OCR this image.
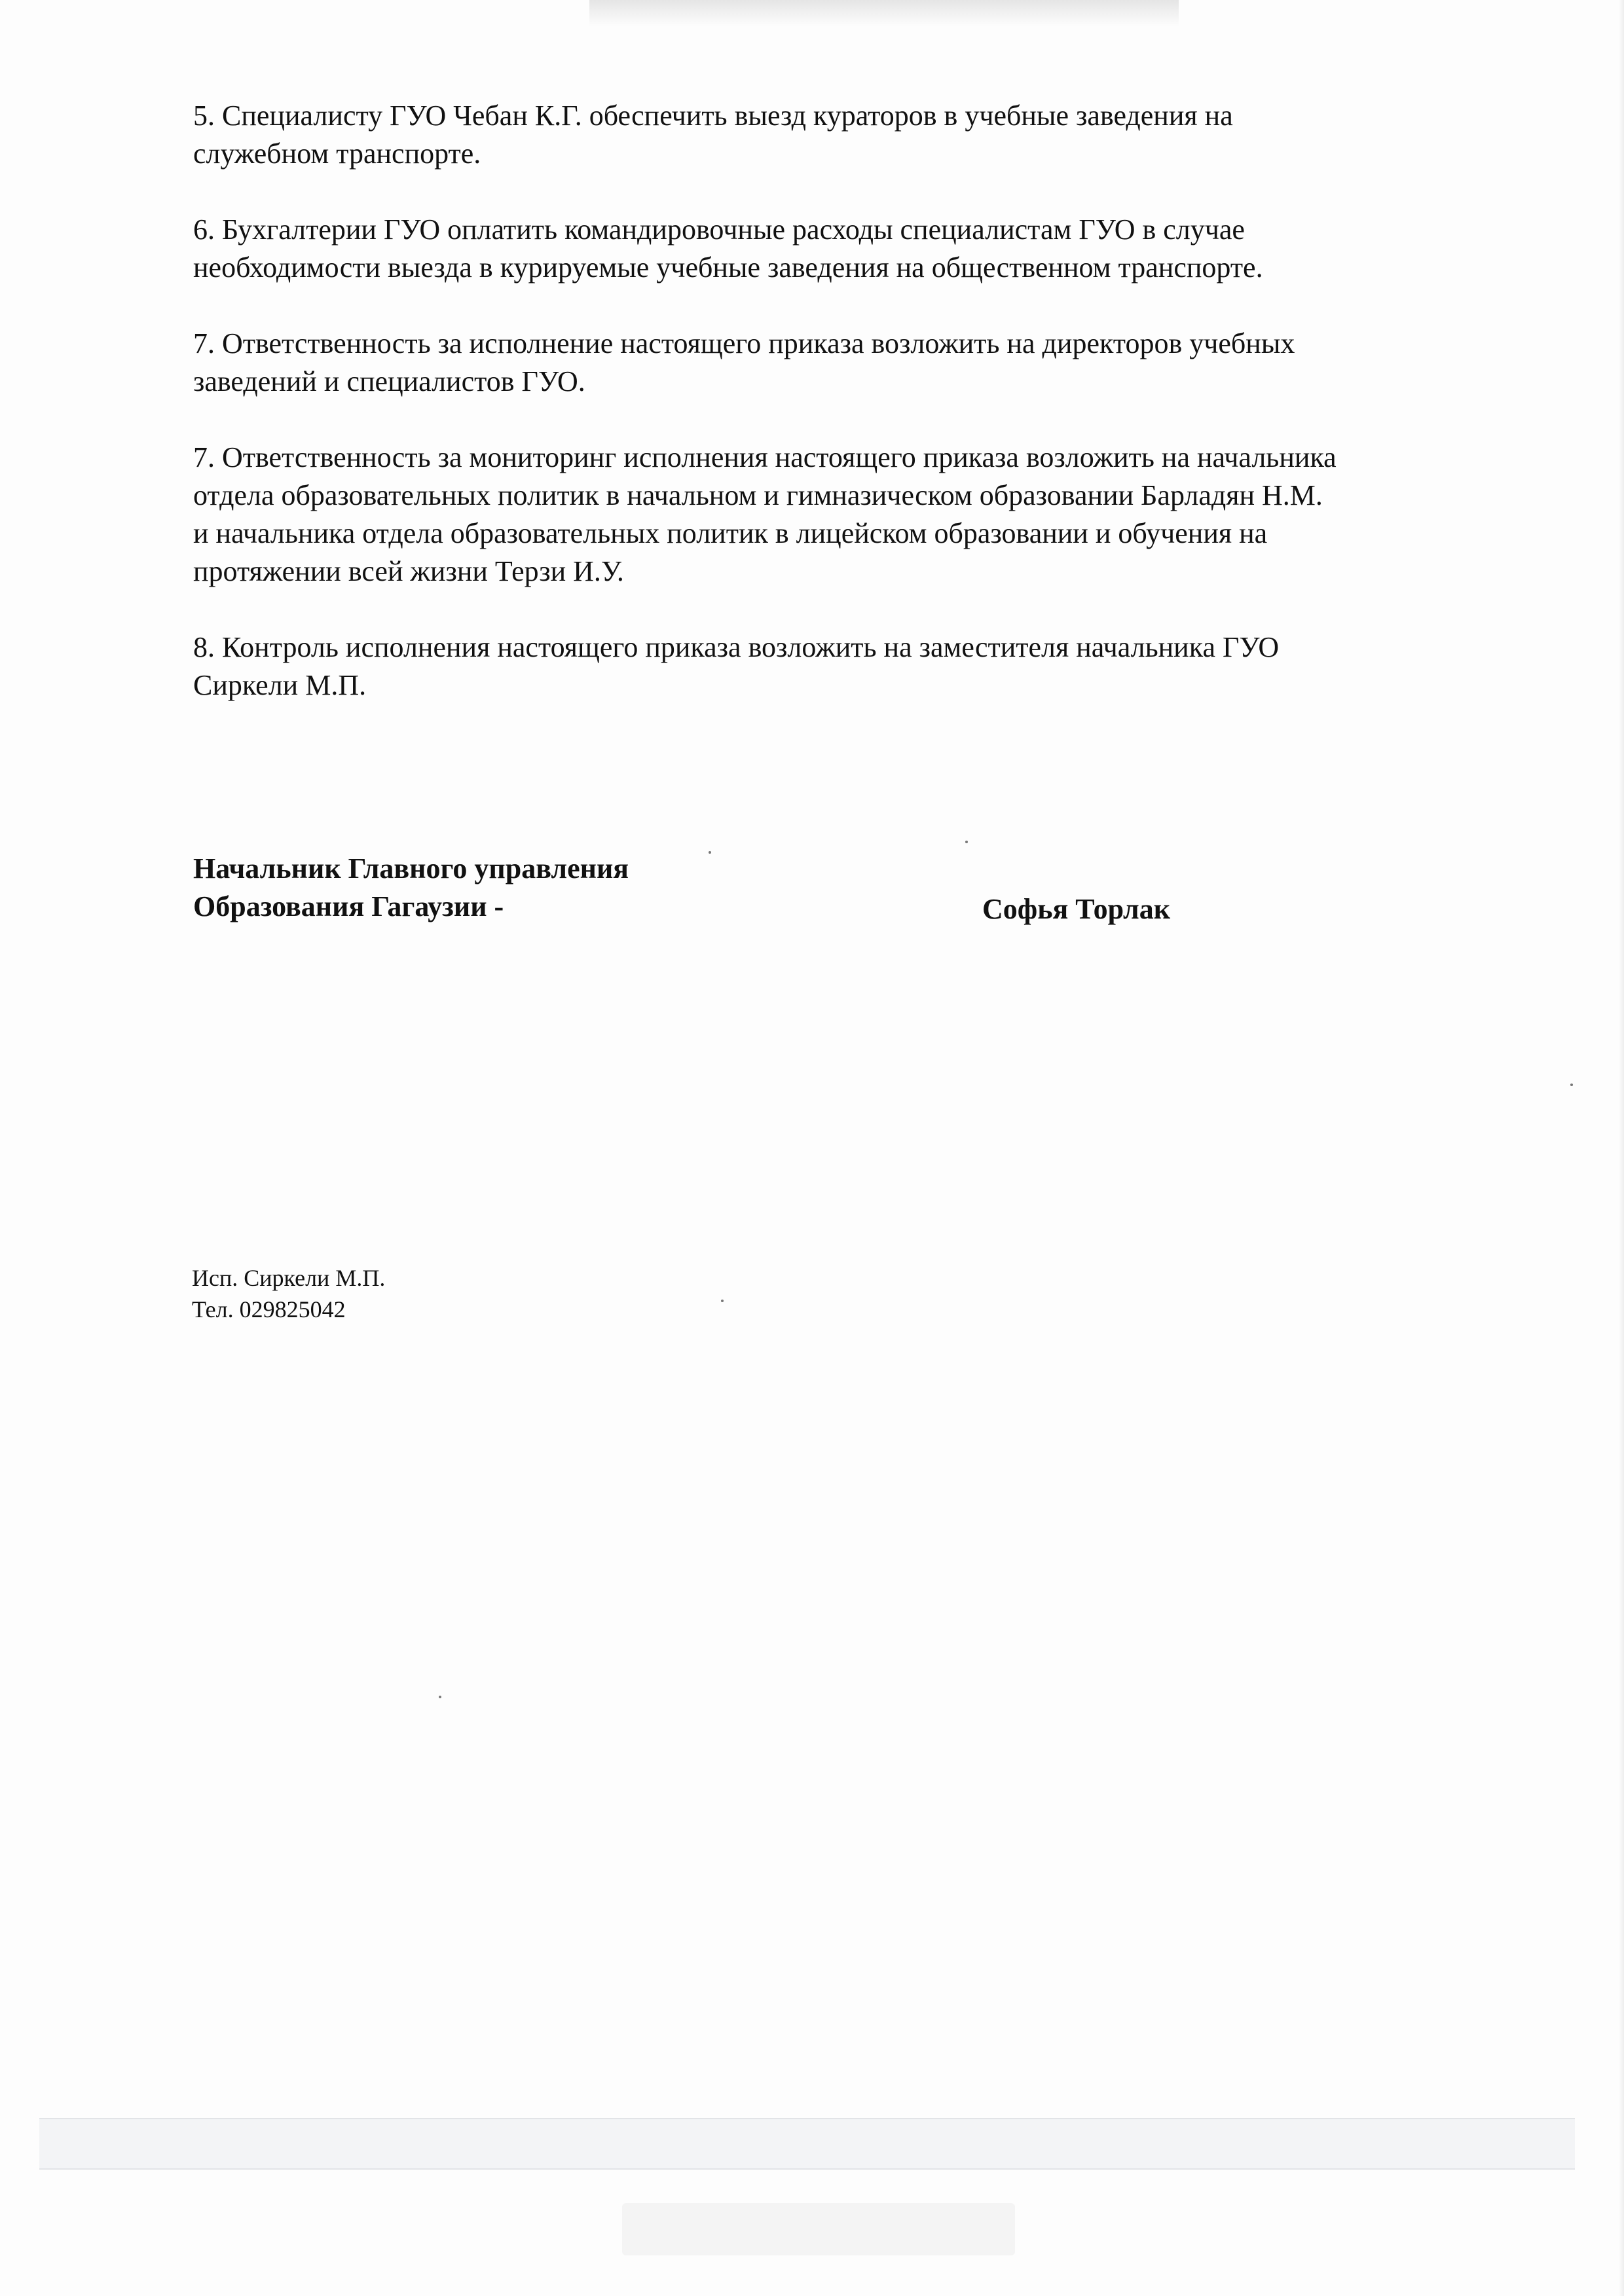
5. Специалисту ГУО Чебан К.Г. обеспечить выезд кураторов в учебные заведения на
служебном транспорте.

6. Бухгалтерии ГУО оплатить командировочные расходы специалистам ГУО в случае
необходимости выезда в курируемые учебные заведения на общественном транспорте.

7. Ответственность за исполнение настоящего приказа возложить на директоров учебных
заведений и специалистов ГУО.

7. Ответственность за мониторинг исполнения настоящего приказа возложить на начальника
отдела образовательных политик в начальном и гимназическом образовании Барладян Н.М.
и начальника отдела образовательных политик в лицейском образовании и обучения на
протяжении всей жизни Терзи И.У.

8. Контроль исполнения настоящего приказа возложить на заместителя начальника ГУО
Сиркели М.П.

Начальник Главного управления
Образования Гагаузии -	Софья Торлак
Исп. Сиркели М.П.
Тел. 029825042
